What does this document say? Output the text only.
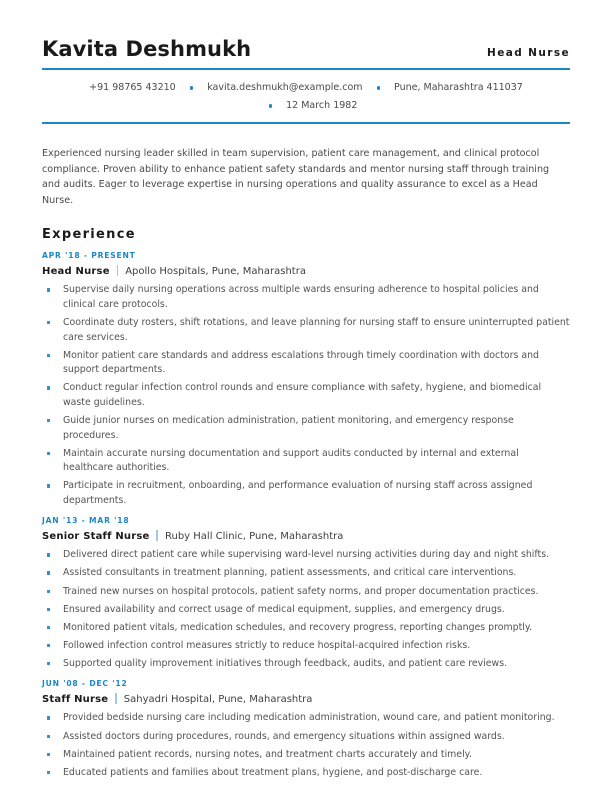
Kavita Deshmukh	Head Nurse
+91 98765 43210	kavita.deshmukh@example.com	Pune, Maharashtra 411037
12 March 1982
Experienced nursing leader skilled in team supervision, patient care management, and clinical protocol compliance. Proven ability to enhance patient safety standards and mentor nursing staff through training and audits. Eager to leverage expertise in nursing operations and quality assurance to excel as a Head Nurse.
Experience
APR '18 - PRESENT
Head Nurse Apollo Hospitals, Pune, Maharashtra
Supervise daily nursing operations across multiple wards ensuring adherence to hospital policies and clinical care protocols.
Coordinate duty rosters, shift rotations, and leave planning for nursing staff to ensure uninterrupted patient care services.
Monitor patient care standards and address escalations through timely coordination with doctors and support departments.
Conduct regular infection control rounds and ensure compliance with safety, hygiene, and biomedical waste guidelines.
Guide junior nurses on medication administration, patient monitoring, and emergency response procedures.
Maintain accurate nursing documentation and support audits conducted by internal and external healthcare authorities.
Participate in recruitment, onboarding, and performance evaluation of nursing staff across assigned departments.
JAN '13 - MAR '18
Senior Staff Nurse Ruby Hall Clinic, Pune, Maharashtra
Delivered direct patient care while supervising ward-level nursing activities during day and night shifts.
Assisted consultants in treatment planning, patient assessments, and critical care interventions.
Trained new nurses on hospital protocols, patient safety norms, and proper documentation practices.
Ensured availability and correct usage of medical equipment, supplies, and emergency drugs.
Monitored patient vitals, medication schedules, and recovery progress, reporting changes promptly.
Followed infection control measures strictly to reduce hospital-acquired infection risks.
Supported quality improvement initiatives through feedback, audits, and patient care reviews.
JUN '08 - DEC '12
Staff Nurse Sahyadri Hospital, Pune, Maharashtra
Provided bedside nursing care including medication administration, wound care, and patient monitoring.
Assisted doctors during procedures, rounds, and emergency situations within assigned wards.
Maintained patient records, nursing notes, and treatment charts accurately and timely.
Educated patients and families about treatment plans, hygiene, and post-discharge care.
